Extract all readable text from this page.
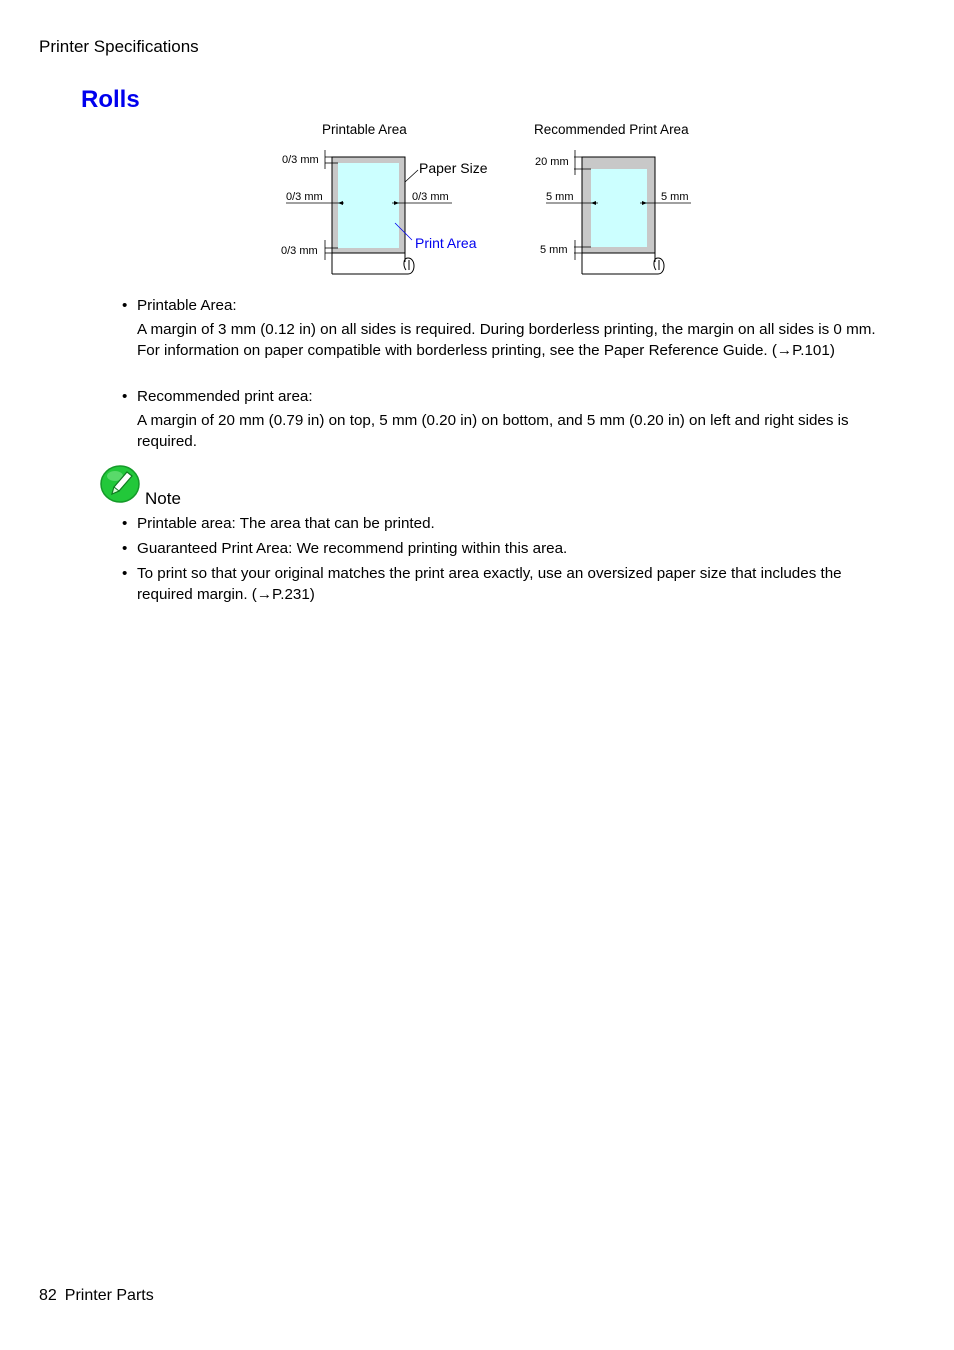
Printer Specifications
Rolls
Printable Area
0/3 mm
0/3 mm
0/3 mm	0/3 mm
Paper Size
Print Area
Recommended Print Area
20 mm
5 mm
5 mm	5 mm
• Printable Area:
A margin of 3 mm (0.12 in) on all sides is required. During borderless printing, the margin on all sides is 0 mm. For information on paper compatible with borderless printing, see the Paper Reference Guide. (→P.101)
• Recommended print area:
A margin of 20 mm (0.79 in) on top, 5 mm (0.20 in) on bottom, and 5 mm (0.20 in) on left and right sides is required.
Note
• Printable area: The area that can be printed.
• Guaranteed Print Area: We recommend printing within this area.
• To print so that your original matches the print area exactly, use an oversized paper size that includes the required margin. (→P.231)
82 Printer Parts
